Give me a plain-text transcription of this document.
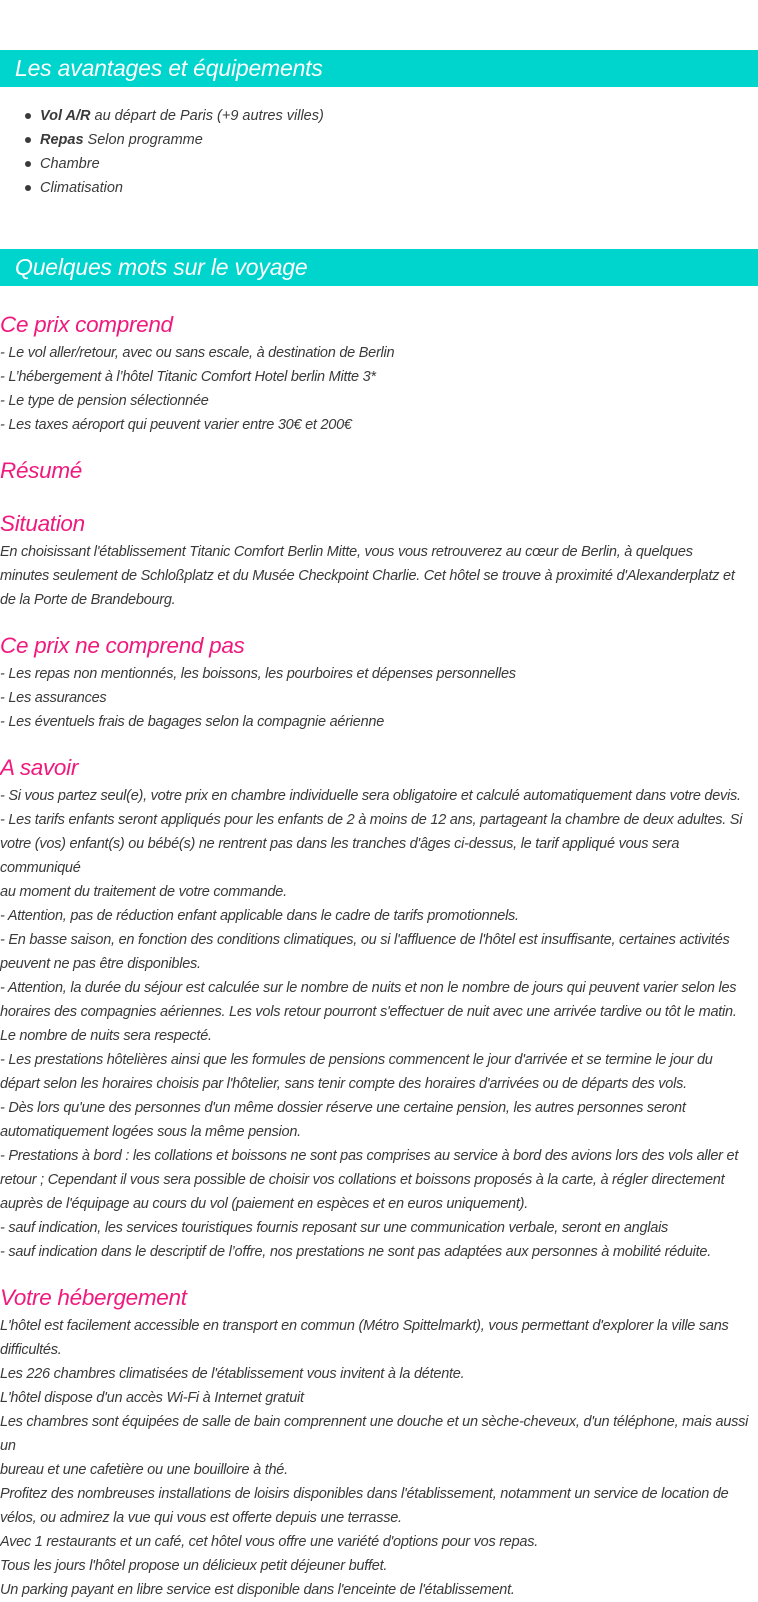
Les avantages et équipements
Vol A/R au départ de Paris (+9 autres villes)
Repas Selon programme
Chambre
Climatisation
Quelques mots sur le voyage
Ce prix comprend

- Le vol aller/retour, avec ou sans escale, à destination de Berlin

- L’hébergement à l’hôtel Titanic Comfort Hotel berlin Mitte 3*

- Le type de pension sélectionnée

- Les taxes aéroport qui peuvent varier entre 30€ et 200€

Résumé
Situation

En choisissant l'établissement Titanic Comfort Berlin Mitte, vous vous retrouverez au cœur de Berlin, à quelques

minutes seulement de Schloßplatz et du Musée Checkpoint Charlie. Cet hôtel se trouve à proximité d'Alexanderplatz et

de la Porte de Brandebourg.

Ce prix ne comprend pas

- Les repas non mentionnés, les boissons, les pourboires et dépenses personnelles

- Les assurances

- Les éventuels frais de bagages selon la compagnie aérienne

A savoir

- Si vous partez seul(e), votre prix en chambre individuelle sera obligatoire et calculé automatiquement dans votre devis.

- Les tarifs enfants seront appliqués pour les enfants de 2 à moins de 12 ans, partageant la chambre de deux adultes. Si

votre (vos) enfant(s) ou bébé(s) ne rentrent pas dans les tranches d'âges ci-dessus, le tarif appliqué vous sera communiqué

au moment du traitement de votre commande.

- Attention, pas de réduction enfant applicable dans le cadre de tarifs promotionnels.

- En basse saison, en fonction des conditions climatiques, ou si l'affluence de l'hôtel est insuffisante, certaines activités

peuvent ne pas être disponibles.

- Attention, la durée du séjour est calculée sur le nombre de nuits et non le nombre de jours qui peuvent varier selon les

horaires des compagnies aériennes. Les vols retour pourront s'effectuer de nuit avec une arrivée tardive ou tôt le matin.

Le nombre de nuits sera respecté.

- Les prestations hôtelières ainsi que les formules de pensions commencent le jour d'arrivée et se termine le jour du

départ selon les horaires choisis par l'hôtelier, sans tenir compte des horaires d'arrivées ou de départs des vols.

- Dès lors qu'une des personnes d'un même dossier réserve une certaine pension, les autres personnes seront

automatiquement logées sous la même pension.

- Prestations à bord : les collations et boissons ne sont pas comprises au service à bord des avions lors des vols aller et

retour ; Cependant il vous sera possible de choisir vos collations et boissons proposés à la carte, à régler directement

auprès de l'équipage au cours du vol (paiement en espèces et en euros uniquement).

- sauf indication, les services touristiques fournis reposant sur une communication verbale, seront en anglais

- sauf indication dans le descriptif de l’offre, nos prestations ne sont pas adaptées aux personnes à mobilité réduite.

Votre hébergement

L'hôtel est facilement accessible en transport en commun (Métro Spittelmarkt), vous permettant d'explorer la ville sans

difficultés.

Les 226 chambres climatisées de l'établissement vous invitent à la détente.

L'hôtel dispose d'un accès Wi-Fi à Internet gratuit

Les chambres sont équipées de salle de bain comprennent une douche et un sèche-cheveux, d'un téléphone, mais aussi un

bureau et une cafetière ou une bouilloire à thé.

Profitez des nombreuses installations de loisirs disponibles dans l'établissement, notamment un service de location de

vélos, ou admirez la vue qui vous est offerte depuis une terrasse.

Avec 1 restaurants et un café, cet hôtel vous offre une variété d'options pour vos repas.

Tous les jours l'hôtel propose un délicieux petit déjeuner buffet.

Un parking payant en libre service est disponible dans l'enceinte de l'établissement.
